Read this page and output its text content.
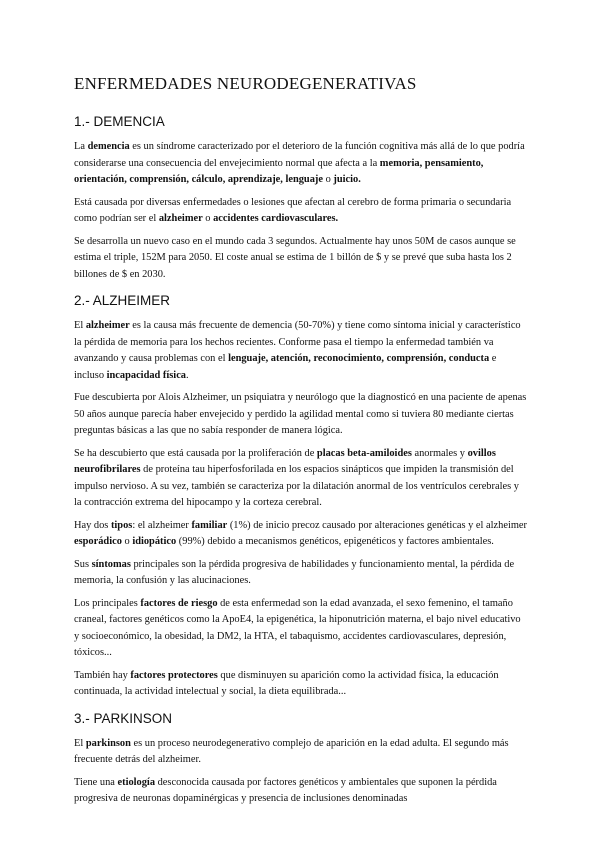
ENFERMEDADES NEURODEGENERATIVAS
1.- DEMENCIA

La demencia es un síndrome caracterizado por el deterioro de la función cognitiva más allá de lo que podría considerarse una consecuencia del envejecimiento normal que afecta a la memoria, pensamiento, orientación, comprensión, cálculo, aprendizaje, lenguaje o juicio.

Está causada por diversas enfermedades o lesiones que afectan al cerebro de forma primaria o secundaria como podrían ser el alzheimer o accidentes cardiovasculares.

Se desarrolla un nuevo caso en el mundo cada 3 segundos. Actualmente hay unos 50M de casos aunque se estima el triple, 152M para 2050. El coste anual se estima de 1 billón de $ y se prevé que suba hasta los 2 billones de $ en 2030.

2.- ALZHEIMER

El alzheimer es la causa más frecuente de demencia (50-70%) y tiene como síntoma inicial y característico la pérdida de memoria para los hechos recientes. Conforme pasa el tiempo la enfermedad también va avanzando y causa problemas con el lenguaje, atención, reconocimiento, comprensión, conducta e incluso incapacidad física.

Fue descubierta por Alois Alzheimer, un psiquiatra y neurólogo que la diagnosticó en una paciente de apenas 50 años aunque parecía haber envejecido y perdido la agilidad mental como si tuviera 80 mediante ciertas preguntas básicas a las que no sabía responder de manera lógica.

Se ha descubierto que está causada por la proliferación de placas beta-amiloides anormales y ovillos neurofibrilares de proteína tau hiperfosforilada en los espacios sinápticos que impiden la transmisión del impulso nervioso. A su vez, también se caracteriza por la dilatación anormal de los ventrículos cerebrales y la contracción extrema del hipocampo y la corteza cerebral.

Hay dos tipos: el alzheimer familiar (1%) de inicio precoz causado por alteraciones genéticas y el alzheimer esporádico o idiopático (99%) debido a mecanismos genéticos, epigenéticos y factores ambientales.

Sus síntomas principales son la pérdida progresiva de habilidades y funcionamiento mental, la pérdida de memoria, la confusión y las alucinaciones.

Los principales factores de riesgo de esta enfermedad son la edad avanzada, el sexo femenino, el tamaño craneal, factores genéticos como la ApoE4, la epigenética, la hiponutrición materna, el bajo nivel educativo y socioeconómico, la obesidad, la DM2, la HTA, el tabaquismo, accidentes cardiovasculares, depresión, tóxicos...

También hay factores protectores que disminuyen su aparición como la actividad física, la educación continuada, la actividad intelectual y social, la dieta equilibrada...

3.- PARKINSON

El parkinson es un proceso neurodegenerativo complejo de aparición en la edad adulta. El segundo más frecuente detrás del alzheimer.

Tiene una etiología desconocida causada por factores genéticos y ambientales que suponen la pérdida progresiva de neuronas dopaminérgicas y presencia de inclusiones denominadas
